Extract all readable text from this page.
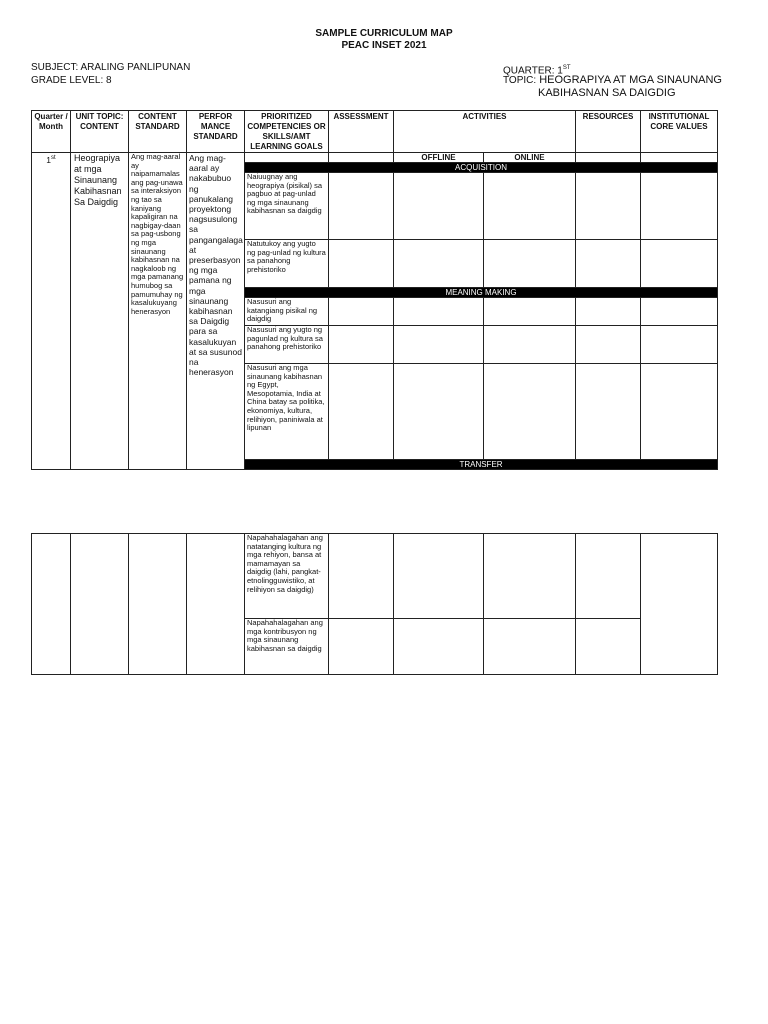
SAMPLE CURRICULUM MAP
PEAC INSET 2021
SUBJECT: ARALING PANLIPUNAN
GRADE LEVEL: 8
QUARTER: 1ST
TOPIC: HEOGRAPIYA AT MGA SINAUNANG
KABIHASNAN SA DAIGDIG
Quarter / Month	UNIT TOPIC: CONTENT	CONTENT STANDARD	PERFOR MANCE STANDARD	PRIORITIZED COMPETENCIES OR SKILLS/AMT LEARNING GOALS	ASSESSMENT	ACTIVITIES		RESOURCES	INSTITUTIONAL CORE VALUES
1st	Heograpiya at mga Sinaunang Kabihasnan Sa Daigdig	Ang mag-aaral ay naipamamalas ang pag-unawa sa interaksiyon ng tao sa kaniyang kapaligiran na nagbigay-daan sa pag-usbong ng mga sinaunang kabihasnan na nagkaloob ng mga pamanang humubog sa pamumuhay ng kasalukuyang henerasyon	Ang mag-aaral ay nakabubuo ng panukalang proyektong nagsusulong sa pangangalaga at preserbasyon ng mga pamana ng mga sinaunang kabihasnan sa Daigdig para sa kasalukuyan at sa susunod na henerasyon			OFFLINE	ONLINE		
				ACQUISITION					
				Naiuugnay ang heograpiya (pisikal) sa pagbuo at pag-unlad ng mga sinaunang kabihasnan sa daigdig					
				Natutukoy ang yugto ng pag-unlad ng kultura sa panahong prehistoriko					
				MEANING MAKING					
				Nasusuri ang katangiang pisikal ng daigdig					
				Nasusuri ang yugto ng pagunlad ng kultura sa panahong prehistoriko					
				Nasusuri ang mga sinaunang kabihasnan ng Egypt, Mesopotamia, India at China batay sa politika, ekonomiya, kultura, relihiyon, paniniwala at lipunan					
				TRANSFER					
				Napahahalagahan ang natatanging kultura ng mga rehiyon, bansa at mamamayan sa daigdig (lahi, pangkat-etnolingguwistiko, at relihiyon sa daigdig)					
				Napahahalagahan ang mga kontribusyon ng mga sinaunang kabihasnan sa daigdig					
